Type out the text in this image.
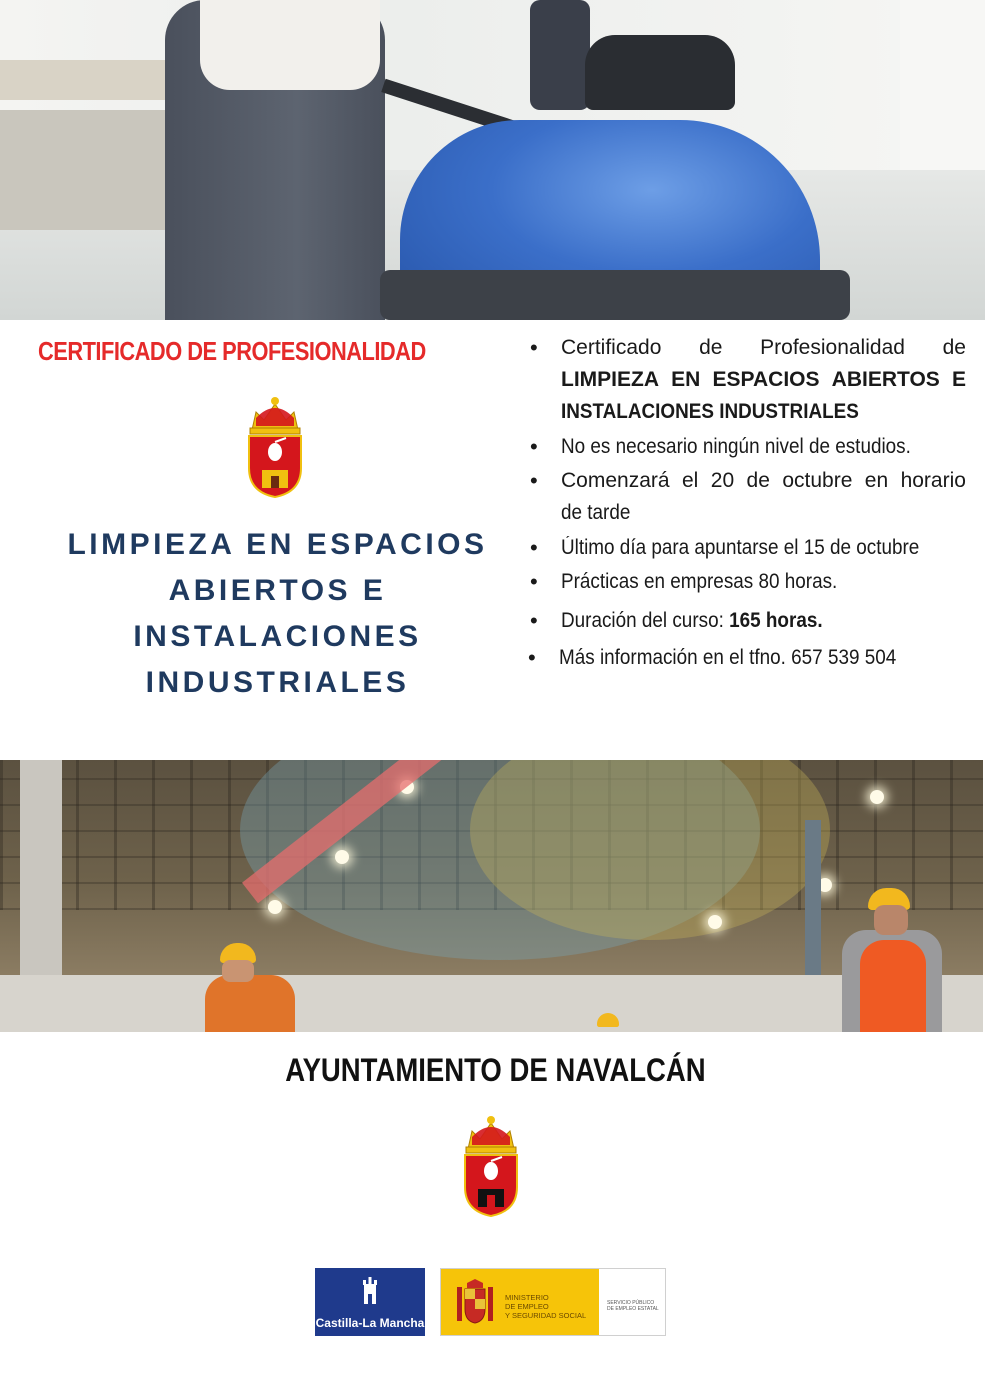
CERTIFICADO DE PROFESIONALIDAD
LIMPIEZA EN ESPACIOS
ABIERTOS E
INSTALACIONES
INDUSTRIALES
• Certificado de Profesionalidad de
LIMPIEZA EN ESPACIOS ABIERTOS E
INSTALACIONES INDUSTRIALES
• No es necesario ningún nivel de estudios.
• Comenzará el 20 de octubre en horario
de tarde
• Último día para apuntarse el 15 de octubre
• Prácticas en empresas 80 horas.
• Duración del curso: 165 horas.
• Más información en el tfno. 657 539 504
AYUNTAMIENTO DE NAVALCÁN
Castilla-La Mancha
MINISTERIO
DE EMPLEO
Y SEGURIDAD SOCIAL
SERVICIO PÚBLICO
DE EMPLEO ESTATAL
